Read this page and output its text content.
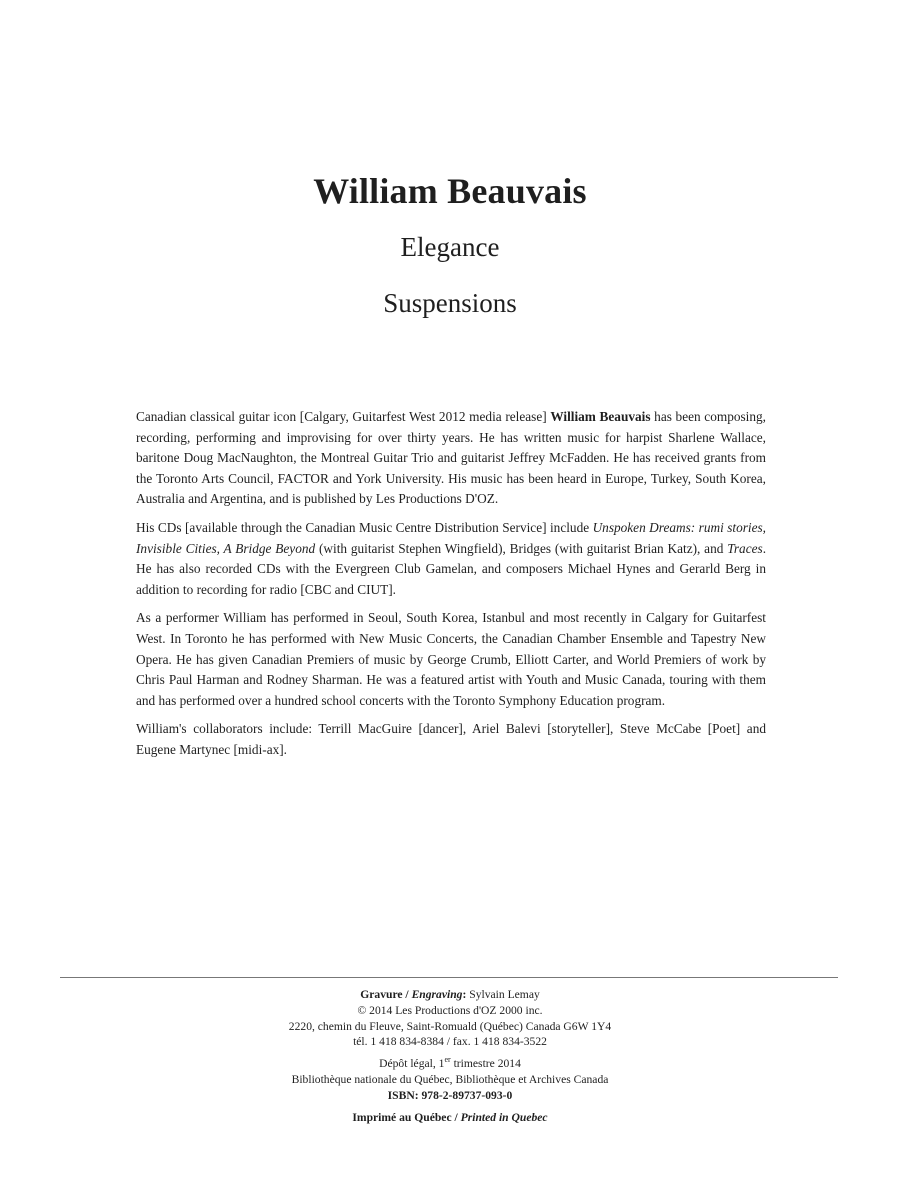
William Beauvais
Elegance
Suspensions

Canadian classical guitar icon [Calgary, Guitarfest West 2012 media release] William Beauvais has been composing, recording, performing and improvising for over thirty years. He has written music for harpist Sharlene Wallace, baritone Doug MacNaughton, the Montreal Guitar Trio and guitarist Jeffrey McFadden. He has received grants from the Toronto Arts Council, FACTOR and York University. His music has been heard in Europe, Turkey, South Korea, Australia and Argentina, and is published by Les Productions D'OZ.

His CDs [available through the Canadian Music Centre Distribution Service] include Unspoken Dreams: rumi stories, Invisible Cities, A Bridge Beyond (with guitarist Stephen Wingfield), Bridges (with guitarist Brian Katz), and Traces. He has also recorded CDs with the Evergreen Club Gamelan, and composers Michael Hynes and Gerarld Berg in addition to recording for radio [CBC and CIUT].

As a performer William has performed in Seoul, South Korea, Istanbul and most recently in Calgary for Guitarfest West. In Toronto he has performed with New Music Concerts, the Canadian Chamber Ensemble and Tapestry New Opera. He has given Canadian Premiers of music by George Crumb, Elliott Carter, and World Premiers of work by Chris Paul Harman and Rodney Sharman. He was a featured artist with Youth and Music Canada, touring with them and has performed over a hundred school concerts with the Toronto Symphony Education program.

William's collaborators include: Terrill MacGuire [dancer], Ariel Balevi [storyteller], Steve McCabe [Poet] and Eugene Martynec [midi-ax].

Gravure / Engraving: Sylvain Lemay
© 2014 Les Productions d'OZ 2000 inc.
2220, chemin du Fleuve, Saint-Romuald (Québec) Canada G6W 1Y4
tél. 1 418 834-8384 / fax. 1 418 834-3522
Dépôt légal, 1er trimestre 2014
Bibliothèque nationale du Québec, Bibliothèque et Archives Canada
ISBN: 978-2-89737-093-0
Imprimé au Québec / Printed in Quebec
